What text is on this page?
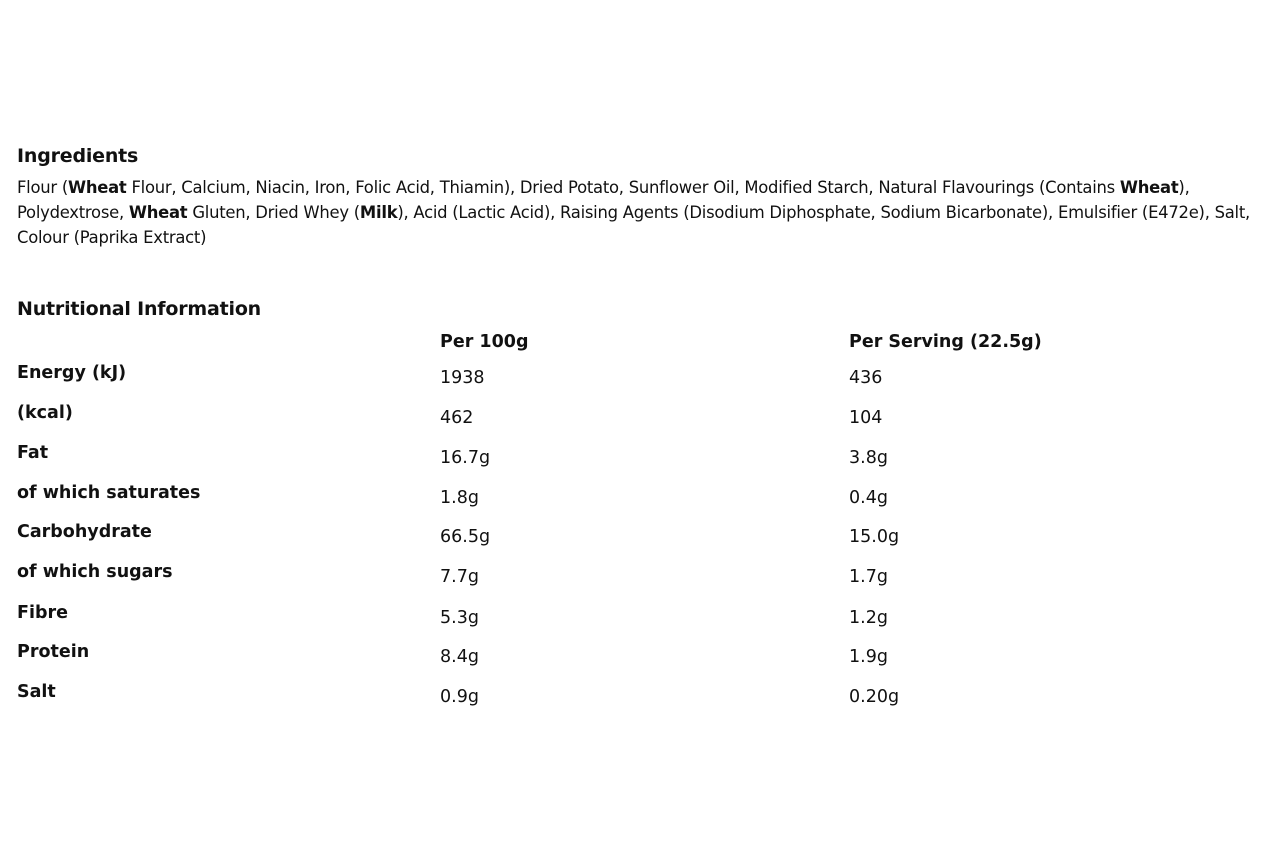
Ingredients
Flour (Wheat Flour, Calcium, Niacin, Iron, Folic Acid, Thiamin), Dried Potato, Sunflower Oil, Modified Starch, Natural Flavourings (Contains Wheat), Polydextrose, Wheat Gluten, Dried Whey (Milk), Acid (Lactic Acid), Raising Agents (Disodium Diphosphate, Sodium Bicarbonate), Emulsifier (E472e), Salt, Colour (Paprika Extract)
Nutritional Information
Per 100g	Per Serving (22.5g)
Energy (kJ)	1938	436
(kcal)	462	104
Fat	16.7g	3.8g
of which saturates	1.8g	0.4g
Carbohydrate	66.5g	15.0g
of which sugars	7.7g	1.7g
Fibre	5.3g	1.2g
Protein	8.4g	1.9g
Salt	0.9g	0.20g
